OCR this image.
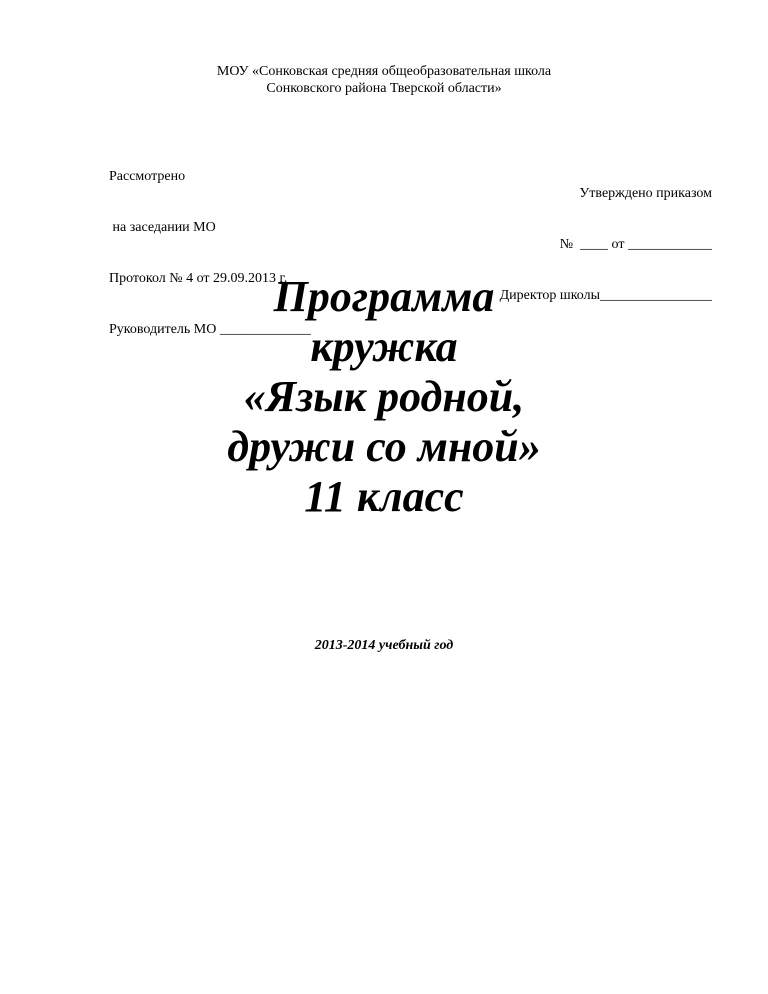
МОУ «Сонковская средняя общеобразовательная школа
Сонковского района Тверской области»

Рассмотрено

на заседании МО

Протокол № 4 от 29.09.2013 г.

Руководитель МО _____________

Утверждено приказом

№  ____ от ____________

Директор школы________________

Программа
кружка
«Язык родной,
дружи со мной»
11 класс
2013-2014 учебный год
